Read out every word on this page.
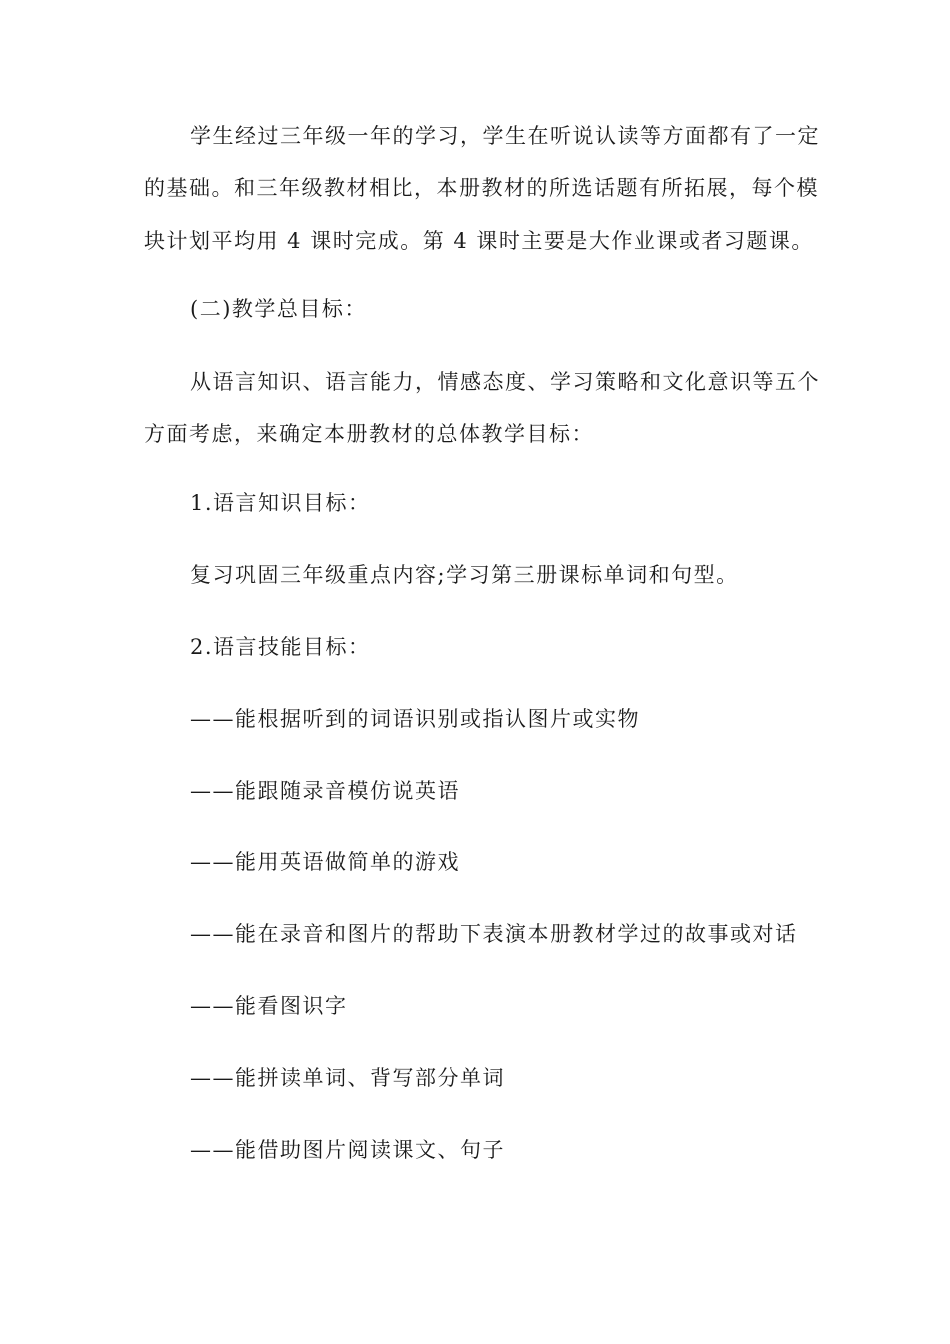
学生经过三年级一年的学习，学生在听说认读等方面都有了一定
的基础。和三年级教材相比，本册教材的所选话题有所拓展，每个模
块计划平均用 4 课时完成。第 4 课时主要是大作业课或者习题课。
(二)教学总目标：
从语言知识、语言能力，情感态度、学习策略和文化意识等五个
方面考虑，来确定本册教材的总体教学目标：
1.语言知识目标：
复习巩固三年级重点内容;学习第三册课标单词和句型。
2.语言技能目标：
——能根据听到的词语识别或指认图片或实物
——能跟随录音模仿说英语
——能用英语做简单的游戏
——能在录音和图片的帮助下表演本册教材学过的故事或对话
——能看图识字
——能拼读单词、背写部分单词
——能借助图片阅读课文、句子
